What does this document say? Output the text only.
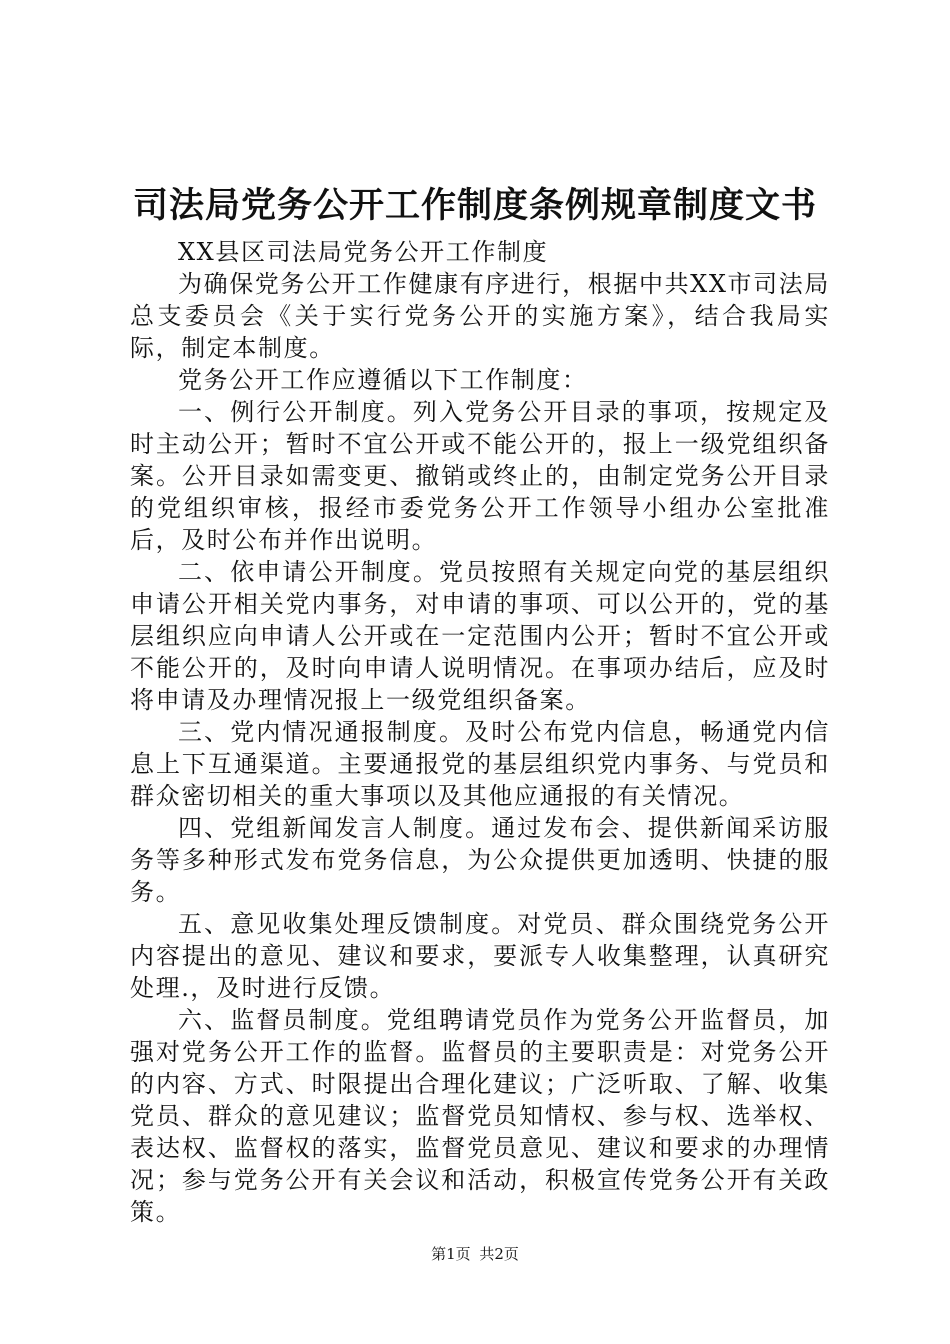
司法局党务公开工作制度条例规章制度文书

XX县区司法局党务公开工作制度

为确保党务公开工作健康有序进行，根据中共XX市司法局总支委员会《关于实行党务公开的实施方案》，结合我局实际，制定本制度。

党务公开工作应遵循以下工作制度：

一、例行公开制度。列入党务公开目录的事项，按规定及时主动公开；暂时不宜公开或不能公开的，报上一级党组织备案。公开目录如需变更、撤销或终止的，由制定党务公开目录的党组织审核，报经市委党务公开工作领导小组办公室批准后，及时公布并作出说明。

二、依申请公开制度。党员按照有关规定向党的基层组织申请公开相关党内事务，对申请的事项、可以公开的，党的基层组织应向申请人公开或在一定范围内公开；暂时不宜公开或不能公开的，及时向申请人说明情况。在事项办结后，应及时将申请及办理情况报上一级党组织备案。

三、党内情况通报制度。及时公布党内信息，畅通党内信息上下互通渠道。主要通报党的基层组织党内事务、与党员和群众密切相关的重大事项以及其他应通报的有关情况。

四、党组新闻发言人制度。通过发布会、提供新闻采访服务等多种形式发布党务信息，为公众提供更加透明、快捷的服务。

五、意见收集处理反馈制度。对党员、群众围绕党务公开内容提出的意见、建议和要求，要派专人收集整理，认真研究处理.，及时进行反馈。

六、监督员制度。党组聘请党员作为党务公开监督员，加强对党务公开工作的监督。监督员的主要职责是：对党务公开的内容、方式、时限提出合理化建议；广泛听取、了解、收集党员、群众的意见建议；监督党员知情权、参与权、选举权、表达权、监督权的落实，监督党员意见、建议和要求的办理情况；参与党务公开有关会议和活动，积极宣传党务公开有关政策。

第1页 共2页
